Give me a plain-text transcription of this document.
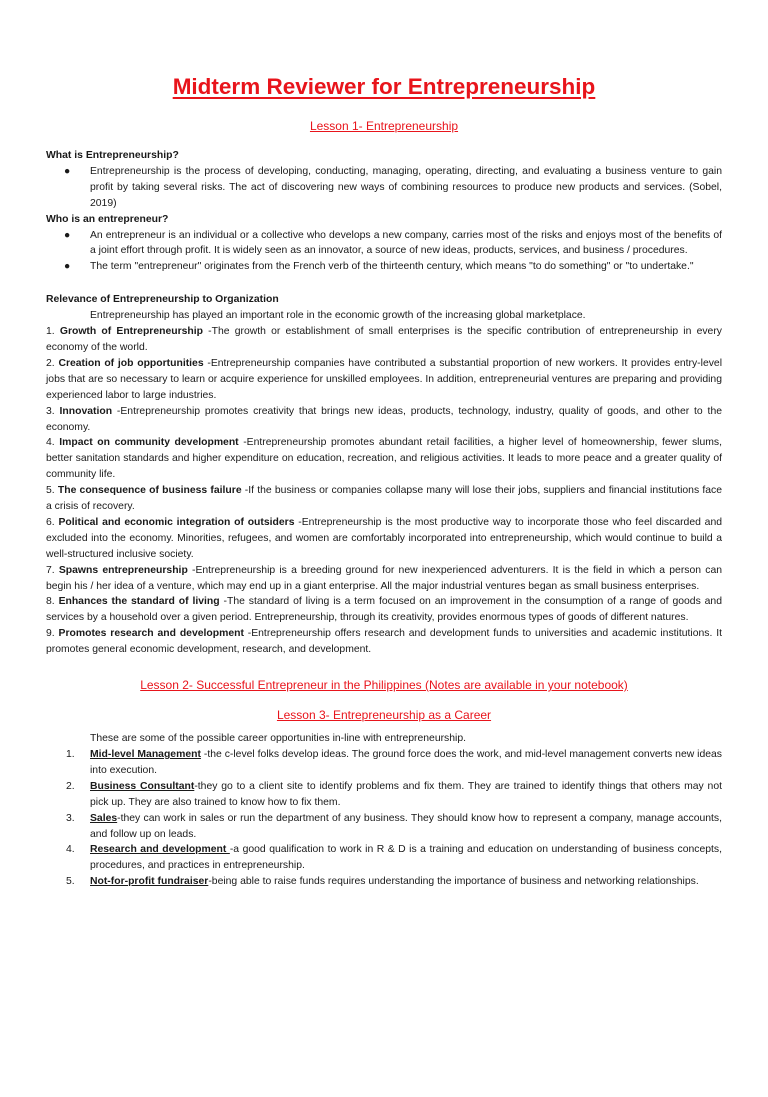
Midterm Reviewer for Entrepreneurship
Lesson 1- Entrepreneurship
What is Entrepreneurship?
● Entrepreneurship is the process of developing, conducting, managing, operating, directing, and evaluating a business venture to gain profit by taking several risks. The act of discovering new ways of combining resources to produce new products and services. (Sobel, 2019)
Who is an entrepreneur?
● An entrepreneur is an individual or a collective who develops a new company, carries most of the risks and enjoys most of the benefits of a joint effort through profit. It is widely seen as an innovator, a source of new ideas, products, services, and business / procedures.
● The term "entrepreneur" originates from the French verb of the thirteenth century, which means "to do something" or "to undertake."
Relevance of Entrepreneurship to Organization

Entrepreneurship has played an important role in the economic growth of the increasing global marketplace.

1. Growth of Entrepreneurship -The growth or establishment of small enterprises is the specific contribution of entrepreneurship in every economy of the world.

2. Creation of job opportunities -Entrepreneurship companies have contributed a substantial proportion of new workers. It provides entry-level jobs that are so necessary to learn or acquire experience for unskilled employees. In addition, entrepreneurial ventures are preparing and providing experienced labor to large industries.

3. Innovation -Entrepreneurship promotes creativity that brings new ideas, products, technology, industry, quality of goods, and other to the economy.

4. Impact on community development -Entrepreneurship promotes abundant retail facilities, a higher level of homeownership, fewer slums, better sanitation standards and higher expenditure on education, recreation, and religious activities. It leads to more peace and a greater quality of community life.

5. The consequence of business failure -If the business or companies collapse many will lose their jobs, suppliers and financial institutions face a crisis of recovery.

6. Political and economic integration of outsiders -Entrepreneurship is the most productive way to incorporate those who feel discarded and excluded into the economy. Minorities, refugees, and women are comfortably incorporated into entrepreneurship, which would continue to build a well-structured inclusive society.

7. Spawns entrepreneurship -Entrepreneurship is a breeding ground for new inexperienced adventurers. It is the field in which a person can begin his / her idea of a venture, which may end up in a giant enterprise. All the major industrial ventures began as small business enterprises.

8. Enhances the standard of living -The standard of living is a term focused on an improvement in the consumption of a range of goods and services by a household over a given period. Entrepreneurship, through its creativity, provides enormous types of goods of different natures.

9. Promotes research and development -Entrepreneurship offers research and development funds to universities and academic institutions. It promotes general economic development, research, and development.

Lesson 2- Successful Entrepreneur in the Philippines (Notes are available in your notebook)
Lesson 3- Entrepreneurship as a Career

These are some of the possible career opportunities in-line with entrepreneurship.

1. Mid-level Management -the c-level folks develop ideas. The ground force does the work, and mid-level management converts new ideas into execution.
2. Business Consultant-they go to a client site to identify problems and fix them. They are trained to identify things that others may not pick up. They are also trained to know how to fix them.
3. Sales-they can work in sales or run the department of any business. They should know how to represent a company, manage accounts, and follow up on leads.
4. Research and development -a good qualification to work in R & D is a training and education on understanding of business concepts, procedures, and practices in entrepreneurship.
5. Not-for-profit fundraiser-being able to raise funds requires understanding the importance of business and networking relationships.
